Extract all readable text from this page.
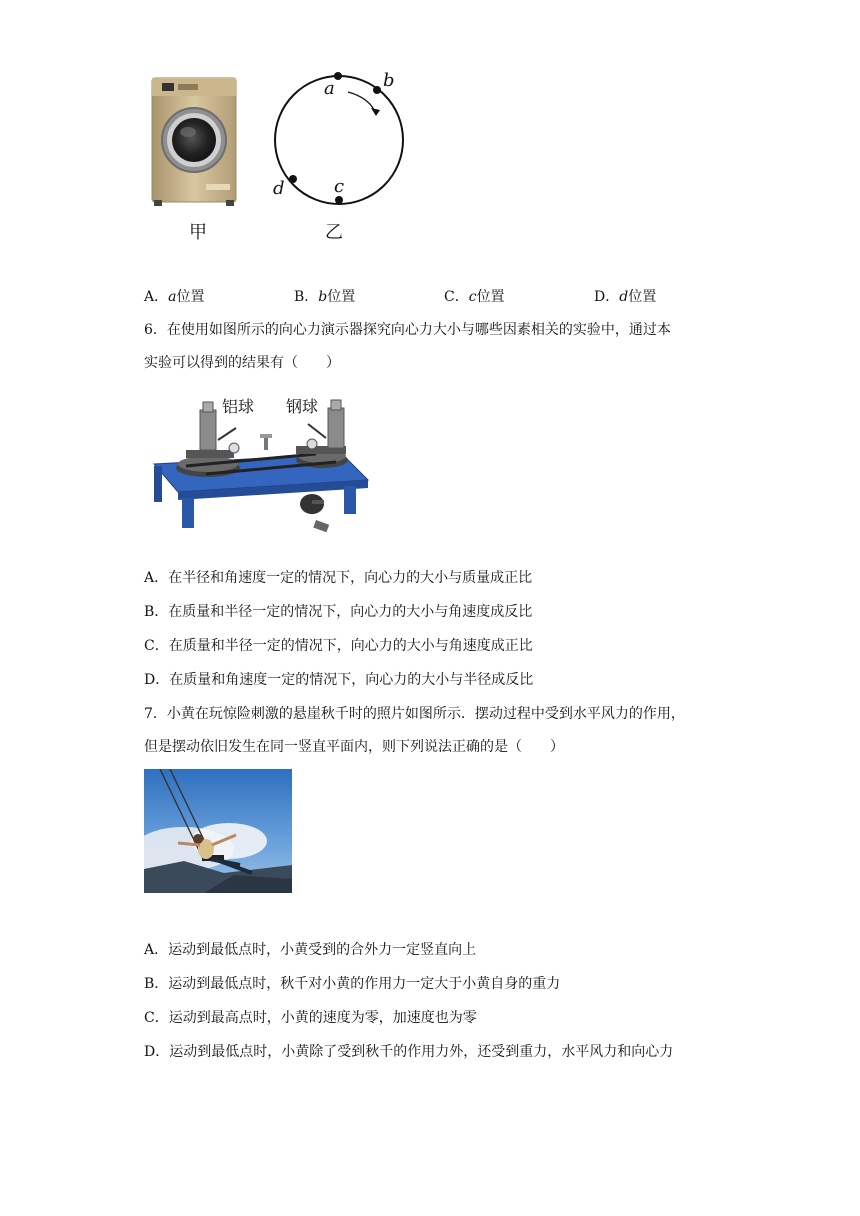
甲
a	b
c
d
乙
A．a位置	B．b位置	C．c位置	D．d位置
6．在使用如图所示的向心力演示器探究向心力大小与哪些因素相关的实验中，通过本
实验可以得到的结果有（　　）
铝球 钢球
A．在半径和角速度一定的情况下，向心力的大小与质量成正比
B．在质量和半径一定的情况下，向心力的大小与角速度成反比
C．在质量和半径一定的情况下，向心力的大小与角速度成正比
D．在质量和角速度一定的情况下，向心力的大小与半径成反比
7．小黄在玩惊险刺激的悬崖秋千时的照片如图所示．摆动过程中受到水平风力的作用，
但是摆动依旧发生在同一竖直平面内，则下列说法正确的是（　　）
A．运动到最低点时，小黄受到的合外力一定竖直向上
B．运动到最低点时，秋千对小黄的作用力一定大于小黄自身的重力
C．运动到最高点时，小黄的速度为零，加速度也为零
D．运动到最低点时，小黄除了受到秋千的作用力外，还受到重力，水平风力和向心力
